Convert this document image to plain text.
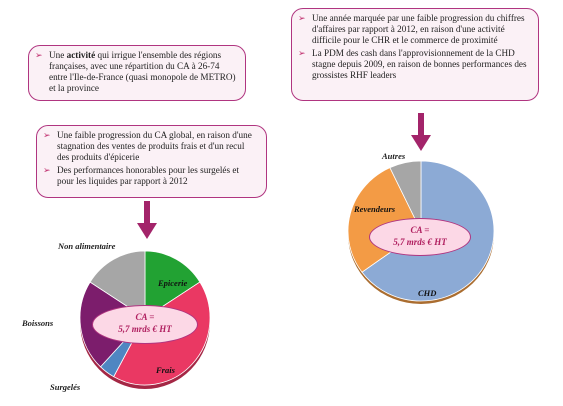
➢ Une activité qui irrigue l'ensemble des régions françaises, avec une répartition du CA à 26-74 entre l'Ile-de-France (quasi monopole de METRO) et la province
➢ Une faible progression du CA global, en raison d'une stagnation des ventes de produits frais et d'un recul des produits d'épicerie
➢ Des performances honorables pour les surgelés et pour les liquides par rapport à 2012
➢ Une année marquée par une faible progression du chiffres d'affaires par rapport à 2012, en raison d'une activité difficile pour le CHR et le commerce de proximité
➢ La PDM des cash dans l'approvisionnement de la CHD stagne depuis 2009, en raison de bonnes performances des grossistes RHF leaders
Non alimentaire
Epicerie
Boissons
Frais
Surgelés
Autres
Revendeurs
CHD
CA =
5,7 mrds € HT
CA =
5,7 mrds € HT
